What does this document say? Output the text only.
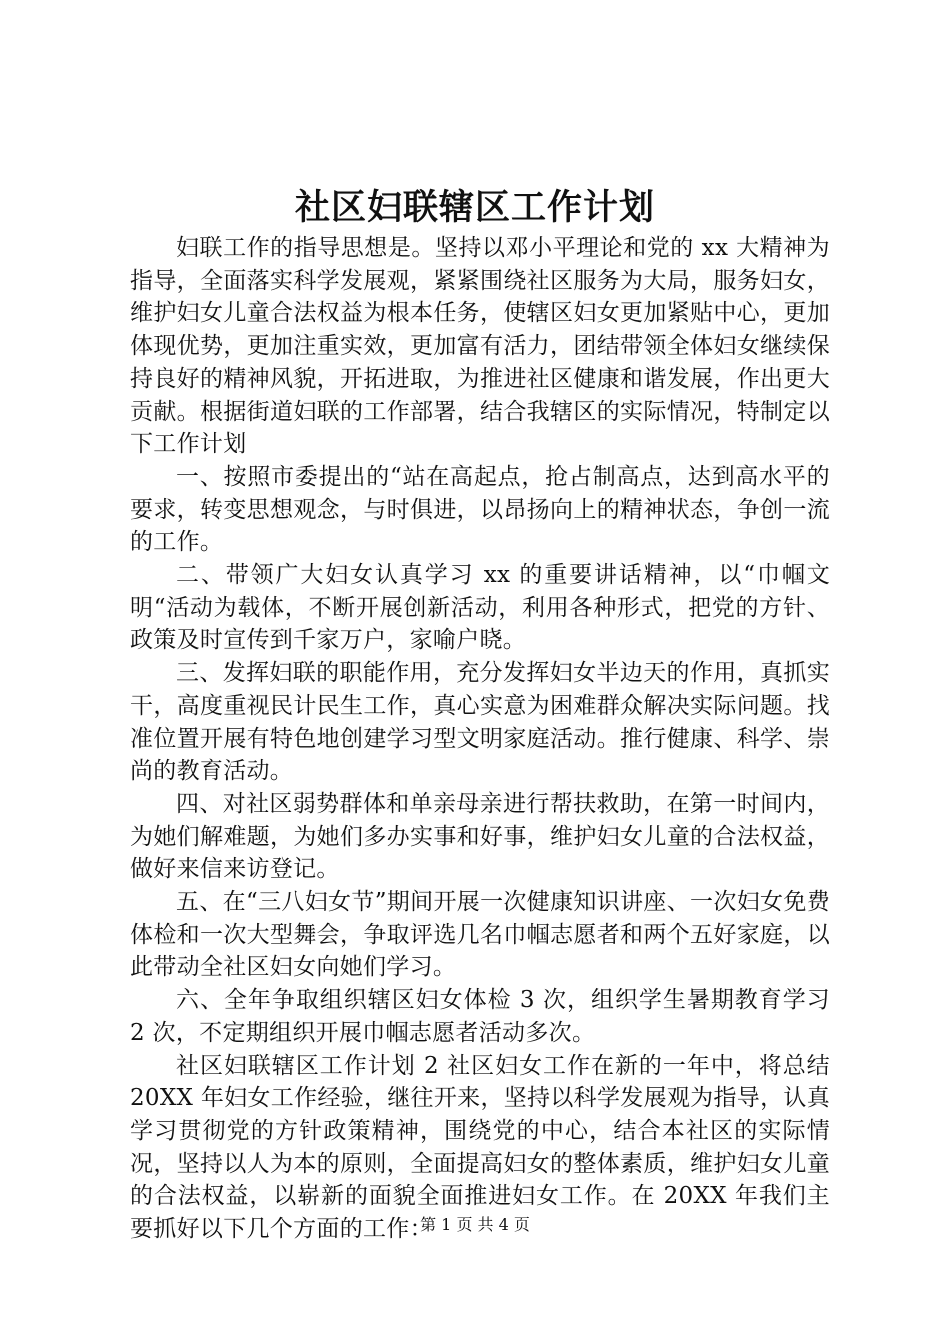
社区妇联辖区工作计划

妇联工作的指导思想是。坚持以邓小平理论和党的 xx 大精神为指导，全面落实科学发展观，紧紧围绕社区服务为大局，服务妇女，维护妇女儿童合法权益为根本任务，使辖区妇女更加紧贴中心，更加体现优势，更加注重实效，更加富有活力，团结带领全体妇女继续保持良好的精神风貌，开拓进取，为推进社区健康和谐发展，作出更大贡献。根据街道妇联的工作部署，结合我辖区的实际情况，特制定以下工作计划

一、按照市委提出的“站在高起点，抢占制高点，达到高水平的要求，转变思想观念，与时俱进，以昂扬向上的精神状态，争创一流的工作。

二、带领广大妇女认真学习 xx 的重要讲话精神，以“巾帼文明“活动为载体，不断开展创新活动，利用各种形式，把党的方针、政策及时宣传到千家万户，家喻户晓。

三、发挥妇联的职能作用，充分发挥妇女半边天的作用，真抓实干，高度重视民计民生工作，真心实意为困难群众解决实际问题。找准位置开展有特色地创建学习型文明家庭活动。推行健康、科学、崇尚的教育活动。

四、对社区弱势群体和单亲母亲进行帮扶救助，在第一时间内，为她们解难题，为她们多办实事和好事，维护妇女儿童的合法权益，做好来信来访登记。

五、在“三八妇女节”期间开展一次健康知识讲座、一次妇女免费体检和一次大型舞会，争取评选几名巾帼志愿者和两个五好家庭，以此带动全社区妇女向她们学习。

六、全年争取组织辖区妇女体检 3 次，组织学生暑期教育学习 2 次，不定期组织开展巾帼志愿者活动多次。

社区妇联辖区工作计划 2 社区妇女工作在新的一年中，将总结 20XX 年妇女工作经验，继往开来，坚持以科学发展观为指导，认真学习贯彻党的方针政策精神，围绕党的中心，结合本社区的实际情况，坚持以人为本的原则，全面提高妇女的整体素质，维护妇女儿童的合法权益，以崭新的面貌全面推进妇女工作。在 20XX 年我们主要抓好以下几个方面的工作：

第 1 页 共 4 页
